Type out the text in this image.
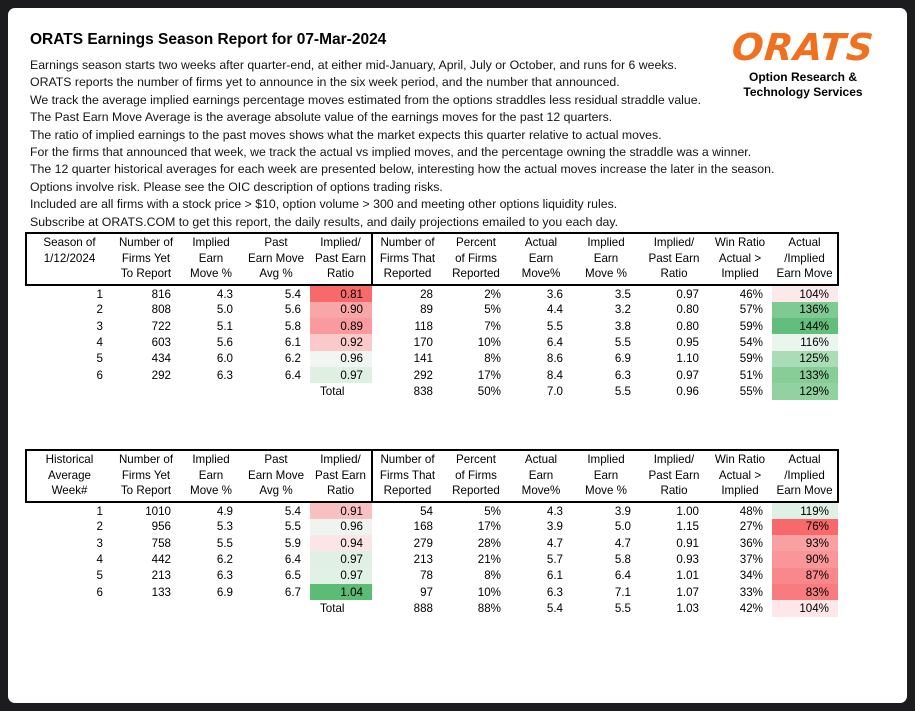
ORATS Earnings Season Report for 07-Mar-2024
Earnings season starts two weeks after quarter-end, at either mid-January, April, July or October, and runs for 6 weeks.
ORATS reports the number of firms yet to announce in the six week period, and the number that announced.
We track the average implied earnings percentage moves estimated from the options straddles less residual straddle value.
The Past Earn Move Average is the average absolute value of the earnings moves for the past 12 quarters.
The ratio of implied earnings to the past moves shows what the market expects this quarter relative to actual moves.
For the firms that announced that week, we track the actual vs implied moves, and the percentage owning the straddle was a winner.
The 12 quarter historical averages for each week are presented below, interesting how the actual moves increase the later in the season.
Options involve risk. Please see the OIC description of options trading risks.
Included are all firms with a stock price > $10, option volume > 300 and meeting other options liquidity rules.
Subscribe at ORATS.COM to get this report, the daily results, and daily projections emailed to you each day.
ORATS
Option Research &
Technology Services
Season of
1/12/2024

Number of
Firms Yet
To Report

Implied
Earn
Move %

Past
Earn Move
Avg %

Implied/
Past Earn
Ratio

Number of
Firms That
Reported

Percent
of Firms
Reported

Actual
Earn
Move%

Implied
Earn
Move %

Implied/
Past Earn
Ratio

Win Ratio
Actual >
Implied

Actual
/Implied
Earn Move

1	816	4.3	5.4	0.81	28	2%	3.6	3.5	0.97	46%	104%
2	808	5.0	5.6	0.90	89	5%	4.4	3.2	0.80	57%	136%
3	722	5.1	5.8	0.89	118	7%	5.5	3.8	0.80	59%	144%
4	603	5.6	6.1	0.92	170	10%	6.4	5.5	0.95	54%	116%
5	434	6.0	6.2	0.96	141	8%	8.6	6.9	1.10	59%	125%
6	292	6.3	6.4	0.97	292	17%	8.4	6.3	0.97	51%	133%
				Total	838	50%	7.0	5.5	0.96	55%	129%
Historical
Average
Week#

Number of
Firms Yet
To Report

Implied
Earn
Move %

Past
Earn Move
Avg %

Implied/
Past Earn
Ratio

Number of
Firms That
Reported

Percent
of Firms
Reported

Actual
Earn
Move%

Implied
Earn
Move %

Implied/
Past Earn
Ratio

Win Ratio
Actual >
Implied

Actual
/Implied
Earn Move

1	1010	4.9	5.4	0.91	54	5%	4.3	3.9	1.00	48%	119%
2	956	5.3	5.5	0.96	168	17%	3.9	5.0	1.15	27%	76%
3	758	5.5	5.9	0.94	279	28%	4.7	4.7	0.91	36%	93%
4	442	6.2	6.4	0.97	213	21%	5.7	5.8	0.93	37%	90%
5	213	6.3	6.5	0.97	78	8%	6.1	6.4	1.01	34%	87%
6	133	6.9	6.7	1.04	97	10%	6.3	7.1	1.07	33%	83%
				Total	888	88%	5.4	5.5	1.03	42%	104%
